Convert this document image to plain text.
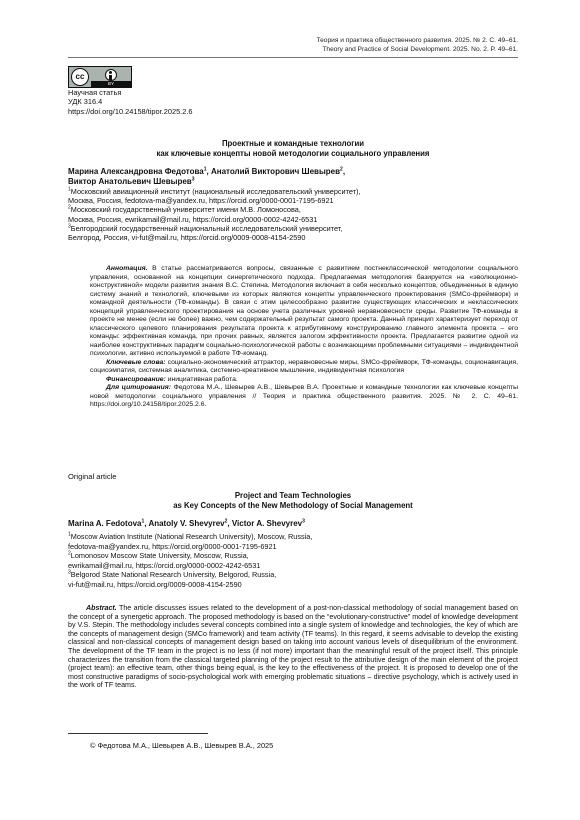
Теория и практика общественного развития. 2025. № 2. С. 49–61.
Theory and Practice of Social Development. 2025. No. 2. P. 49–61.
cc
BY
Научная статья
УДК 316.4
https://doi.org/10.24158/tipor.2025.2.6
Проектные и командные технологии
как ключевые концепты новой методологии социального управления
Марина Александровна Федотова$^1$, Анатолий Викторович Шевырев$^2$,
Виктор Анатольевич Шевырев$^3$
$^1$Московский авиационный институт (национальный исследовательский университет),
Москва, Россия, fedotova-ma@yandex.ru, https://orcid.org/0000-0001-7195-6921
$^2$Московский государственный университет имени М.В. Ломоносова,
Москва, Россия, ewrikamail@mail.ru, https://orcid.org/0000-0002-4242-6531
$^3$Белгородский государственный национальный исследовательский университет,
Белгород, Россия, vi-fut@mail.ru, https://orcid.org/0009-0008-4154-2590

Аннотация. В статье рассматриваются вопросы, связанные с развитием постнеклассической методологии социального управления, основанной на концепции синергетического подхода. Предлагаемая методология базируется на «эволюционно-конструктивной» модели развития знания В.С. Степина. Методология включает в себя несколько концептов, объединенных в единую систему знаний и технологий, ключевыми из которых являются концепты управленческого проектирования (SMCo-фреймворк) и командной деятельности (ТФ-команды). В связи с этим целесообразно развитие существующих классических и неклассических концепций управленческого проектирования на основе учета различных уровней неравновесности среды. Развитие ТФ-команды в проекте не менее (если не более) важно, чем содержательный результат самого проекта. Данный принцип характеризует переход от классического целевого планирования результата проекта к атрибутивному конструированию главного элемента проекта – его команды: эффективная команда, при прочих равных, является залогом эффективности проекта. Предлагается развитие одной из наиболее конструктивных парадигм социально-психологической работы с возникающими проблемными ситуациями – индивидентной психологии, активно используемой в работе ТФ-команд.

Ключевые слова: социально-экономический аттрактор, неравновесные миры, SMCo-фреймворк, ТФ-команды, соционавигация, социоэмпатия, системная аналитика, системно-креативное мышление, индивидентная психология

Финансирование: инициативная работа.

Для цитирования: Федотова М.А., Шевырев А.В., Шевырев В.А. Проектные и командные технологии как ключевые концепты новой методологии социального управления // Теория и практика общественного развития. 2025. № 2. С. 49–61. https://doi.org/10.24158/tipor.2025.2.6.

Original article
Project and Team Technologies
as Key Concepts of the New Methodology of Social Management
Marina A. Fedotova$^1$, Anatoly V. Shevyrev$^2$, Victor A. Shevyrev$^3$
$^1$Moscow Aviation Institute (National Research University), Moscow, Russia,
fedotova-ma@yandex.ru, https://orcid.org/0000-0001-7195-6921
$^2$Lomonosov Moscow State University, Moscow, Russia,
ewrikamail@mail.ru, https://orcid.org/0000-0002-4242-6531
$^3$Belgorod State National Research University, Belgorod, Russia,
vi-fut@mail.ru, https://orcid.org/0009-0008-4154-2590

Abstract. The article discusses issues related to the development of a post-non-classical methodology of social management based on the concept of a synergetic approach. The proposed methodology is based on the “evolutionary-constructive” model of knowledge development by V.S. Stepin. The methodology includes several concepts combined into a single system of knowledge and technologies, the key of which are the concepts of management design (SMCo framework) and team activity (TF teams). In this regard, it seems advisable to develop the existing classical and non-classical concepts of management design based on taking into account various levels of disequilibrium of the environment. The development of the TF team in the project is no less (if not more) important than the meaningful result of the project itself. This principle characterizes the transition from the classical targeted planning of the project result to the attributive design of the main element of the project (project team): an effective team, other things being equal, is the key to the effectiveness of the project. It is proposed to develop one of the most constructive paradigms of socio-psychological work with emerging problematic situations – directive psychology, which is actively used in the work of TF teams.

© Федотова М.А., Шевырев А.В., Шевырев В.А., 2025
